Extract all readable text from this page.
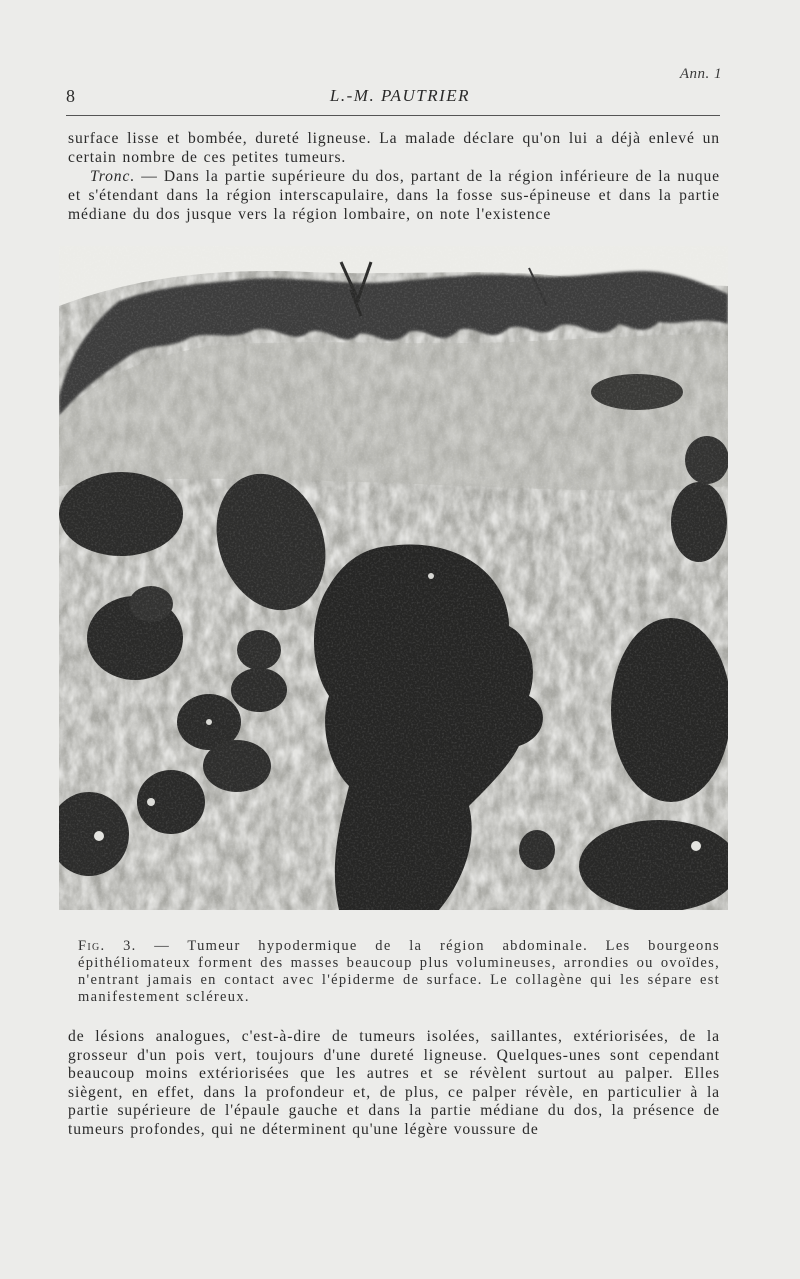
Ann. 1
8	L.-M. PAUTRIER
surface lisse et bombée, dureté ligneuse. La malade déclare qu'on lui a déjà enlevé un certain nombre de ces petites tumeurs.
Tronc. — Dans la partie supérieure du dos, partant de la région inférieure de la nuque et s'étendant dans la région interscapulaire, dans la fosse sus-épineuse et dans la partie médiane du dos jusque vers la région lombaire, on note l'existence
Fig. 3. — Tumeur hypodermique de la région abdominale. Les bourgeons épithéliomateux forment des masses beaucoup plus volumineuses, arrondies ou ovoïdes, n'entrant jamais en contact avec l'épiderme de surface. Le collagène qui les sépare est manifestement scléreux.
de lésions analogues, c'est-à-dire de tumeurs isolées, saillantes, extériorisées, de la grosseur d'un pois vert, toujours d'une dureté ligneuse. Quelques-unes sont cependant beaucoup moins extériorisées que les autres et se révèlent surtout au palper. Elles siègent, en effet, dans la profondeur et, de plus, ce palper révèle, en particulier à la partie supérieure de l'épaule gauche et dans la partie médiane du dos, la présence de tumeurs profondes, qui ne déterminent qu'une légère voussure de
